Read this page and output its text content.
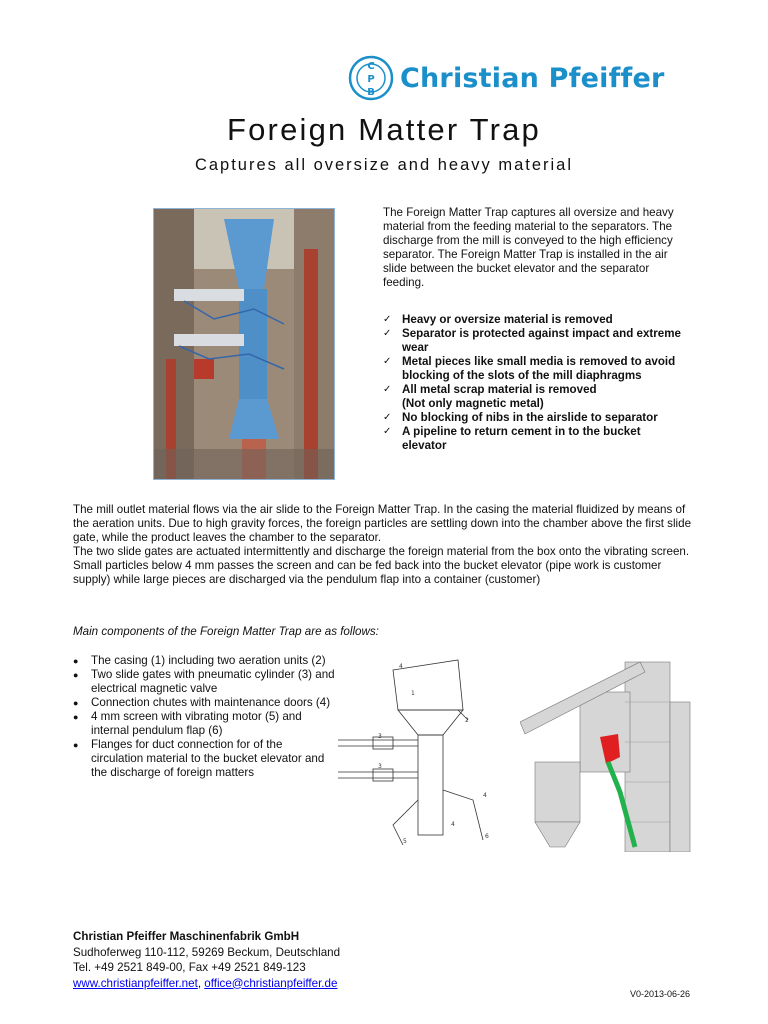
C
P
B Christian Pfeiffer
Foreign Matter Trap
Captures all oversize and heavy material

The Foreign Matter Trap captures all oversize and heavy material from the feeding material to the separators. The discharge from the mill is conveyed to the high efficiency separator. The Foreign Matter Trap is installed in the air slide between the bucket elevator and the separator feeding.

✓ Heavy or oversize material is removed
✓ Separator is protected against impact and extreme wear
✓ Metal pieces like small media is removed to avoid blocking of the slots of the mill diaphragms
✓ All metal scrap material is removed
(Not only magnetic metal)
✓ No blocking of nibs in the airslide to separator
✓ A pipeline to return cement in to the bucket elevator

The mill outlet material flows via the air slide to the Foreign Matter Trap. In the casing the material fluidized by means of the aeration units. Due to high gravity forces, the foreign particles are settling down into the chamber above the first slide gate, while the product leaves the chamber to the separator.
The two slide gates are actuated intermittently and discharge the foreign material from the box onto the vibrating screen. Small particles below 4 mm passes the screen and can be fed back into the bucket elevator (pipe work is customer supply) while large pieces are discharged via the pendulum flap into a container (customer)

Main components of the Foreign Matter Trap are as follows:

●	The casing (1) including two aeration units (2)
●	Two slide gates with pneumatic cylinder (3) and electrical magnetic valve
●	Connection chutes with maintenance doors (4)
●	4 mm screen with vibrating motor (5) and internal pendulum flap (6)
●	Flanges for duct connection for of the circulation material to the bucket elevator and the discharge of foreign matters
4
1
2
3
3
4
5
6
4
Christian Pfeiffer Maschinenfabrik GmbH
Sudhoferweg 110-112, 59269 Beckum, Deutschland
Tel. +49 2521 849-00, Fax +49 2521 849-123
www.christianpfeiffer.net, office@christianpfeiffer.de
V0-2013-06-26
